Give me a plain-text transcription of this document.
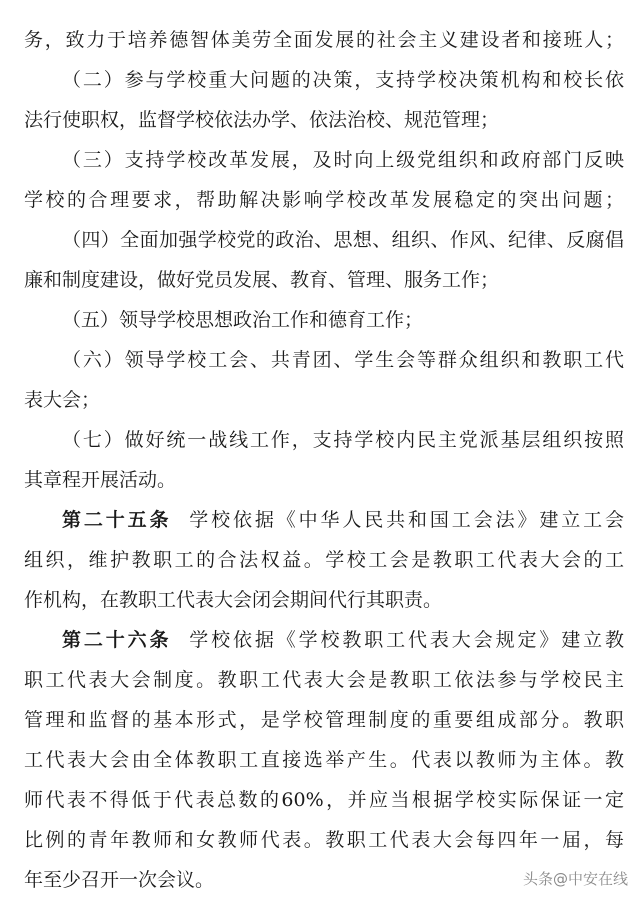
务，致力于培养德智体美劳全面发展的社会主义建设者和接班人；
（二）参与学校重大问题的决策，支持学校决策机构和校长依
法行使职权，监督学校依法办学、依法治校、规范管理；
（三）支持学校改革发展，及时向上级党组织和政府部门反映
学校的合理要求，帮助解决影响学校改革发展稳定的突出问题；
（四）全面加强学校党的政治、思想、组织、作风、纪律、反腐倡
廉和制度建设，做好党员发展、教育、管理、服务工作；
（五）领导学校思想政治工作和德育工作；
（六）领导学校工会、共青团、学生会等群众组织和教职工代
表大会；
（七）做好统一战线工作，支持学校内民主党派基层组织按照
其章程开展活动。
第二十五条 学校依据《中华人民共和国工会法》建立工会
组织，维护教职工的合法权益。学校工会是教职工代表大会的工
作机构，在教职工代表大会闭会期间代行其职责。
第二十六条 学校依据《学校教职工代表大会规定》建立教
职工代表大会制度。教职工代表大会是教职工依法参与学校民主
管理和监督的基本形式，是学校管理制度的重要组成部分。教职
工代表大会由全体教职工直接选举产生。代表以教师为主体。教
师代表不得低于代表总数的60%，并应当根据学校实际保证一定
比例的青年教师和女教师代表。教职工代表大会每四年一届，每
年至少召开一次会议。	头条@中安在线
